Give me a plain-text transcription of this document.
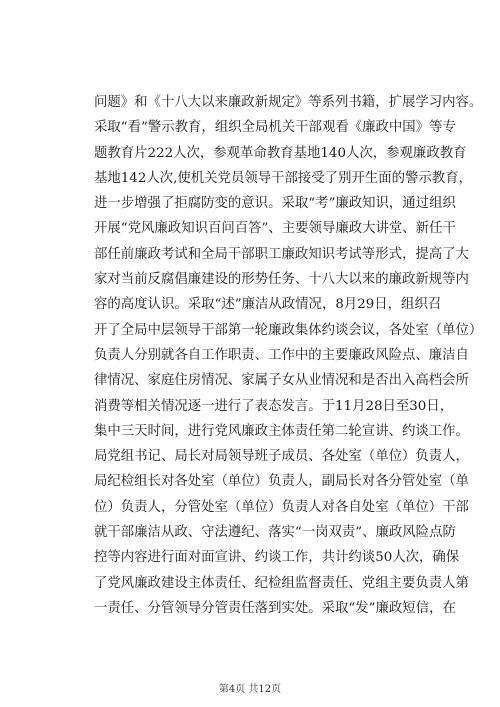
问题》和《十八大以来廉政新规定》等系列书籍，扩展学习内容。
采取“看”警示教育，组织全局机关干部观看《廉政中国》等专
题教育片222人次，参观革命教育基地140人次，参观廉政教育
基地142人次,使机关党员领导干部接受了别开生面的警示教育，
进一步增强了拒腐防变的意识。采取“考”廉政知识，通过组织
开展“党风廉政知识百问百答”、主要领导廉政大讲堂、新任干
部任前廉政考试和全局干部职工廉政知识考试等形式，提高了大
家对当前反腐倡廉建设的形势任务、十八大以来的廉政新规等内
容的高度认识。采取“述”廉洁从政情况，8月29日，组织召
开了全局中层领导干部第一轮廉政集体约谈会议，各处室（单位）
负责人分别就各自工作职责、工作中的主要廉政风险点、廉洁自
律情况、家庭住房情况、家属子女从业情况和是否出入高档会所
消费等相关情况逐一进行了表态发言。于11月28日至30日，
集中三天时间，进行党风廉政主体责任第二轮宣讲、约谈工作。
局党组书记、局长对局领导班子成员、各处室（单位）负责人，
局纪检组长对各处室（单位）负责人，副局长对各分管处室（单
位）负责人，分管处室（单位）负责人对各自处室（单位）干部
就干部廉洁从政、守法遵纪、落实“一岗双责”、廉政风险点防
控等内容进行面对面宣讲、约谈工作，共计约谈50人次，确保
了党风廉政建设主体责任、纪检组监督责任、党组主要负责人第
一责任、分管领导分管责任落到实处。采取“发”廉政短信，在
第4页 共12页
